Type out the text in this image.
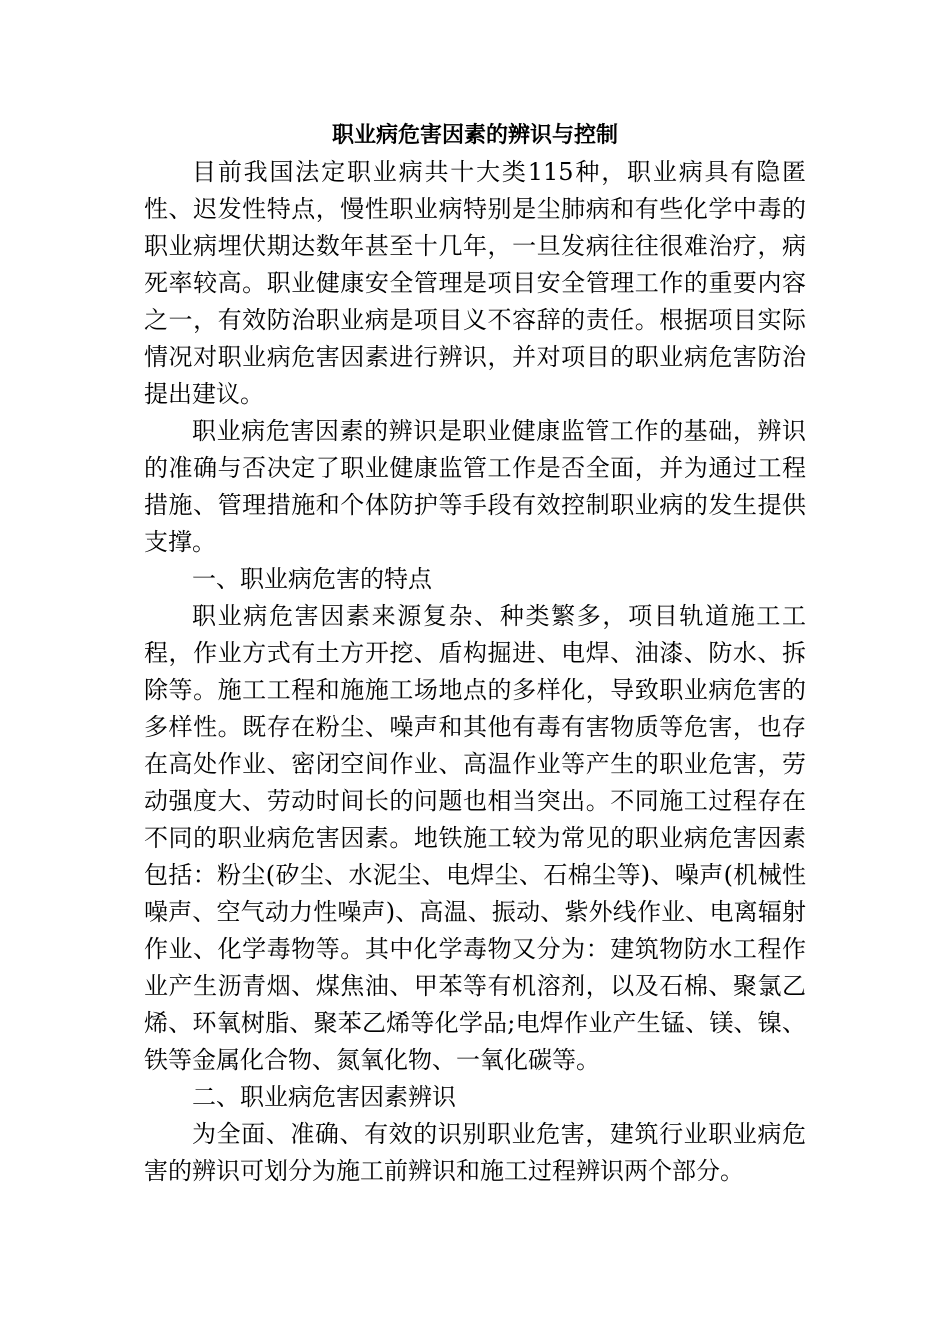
职业病危害因素的辨识与控制

目前我国法定职业病共十大类115种，职业病具有隐匿性、迟发性特点，慢性职业病特别是尘肺病和有些化学中毒的职业病埋伏期达数年甚至十几年，一旦发病往往很难治疗，病死率较高。职业健康安全管理是项目安全管理工作的重要内容之一，有效防治职业病是项目义不容辞的责任。根据项目实际情况对职业病危害因素进行辨识，并对项目的职业病危害防治提出建议。

职业病危害因素的辨识是职业健康监管工作的基础，辨识的准确与否决定了职业健康监管工作是否全面，并为通过工程措施、管理措施和个体防护等手段有效控制职业病的发生提供支撑。

一、职业病危害的特点

职业病危害因素来源复杂、种类繁多，项目轨道施工工程，作业方式有土方开挖、盾构掘进、电焊、油漆、防水、拆除等。施工工程和施施工场地点的多样化，导致职业病危害的多样性。既存在粉尘、噪声和其他有毒有害物质等危害，也存在高处作业、密闭空间作业、高温作业等产生的职业危害，劳动强度大、劳动时间长的问题也相当突出。不同施工过程存在不同的职业病危害因素。地铁施工较为常见的职业病危害因素包括：粉尘(矽尘、水泥尘、电焊尘、石棉尘等)、噪声(机械性噪声、空气动力性噪声)、高温、振动、紫外线作业、电离辐射作业、化学毒物等。其中化学毒物又分为：建筑物防水工程作业产生沥青烟、煤焦油、甲苯等有机溶剂，以及石棉、聚氯乙烯、环氧树脂、聚苯乙烯等化学品;电焊作业产生锰、镁、镍、铁等金属化合物、氮氧化物、一氧化碳等。

二、职业病危害因素辨识

为全面、准确、有效的识别职业危害，建筑行业职业病危害的辨识可划分为施工前辨识和施工过程辨识两个部分。
